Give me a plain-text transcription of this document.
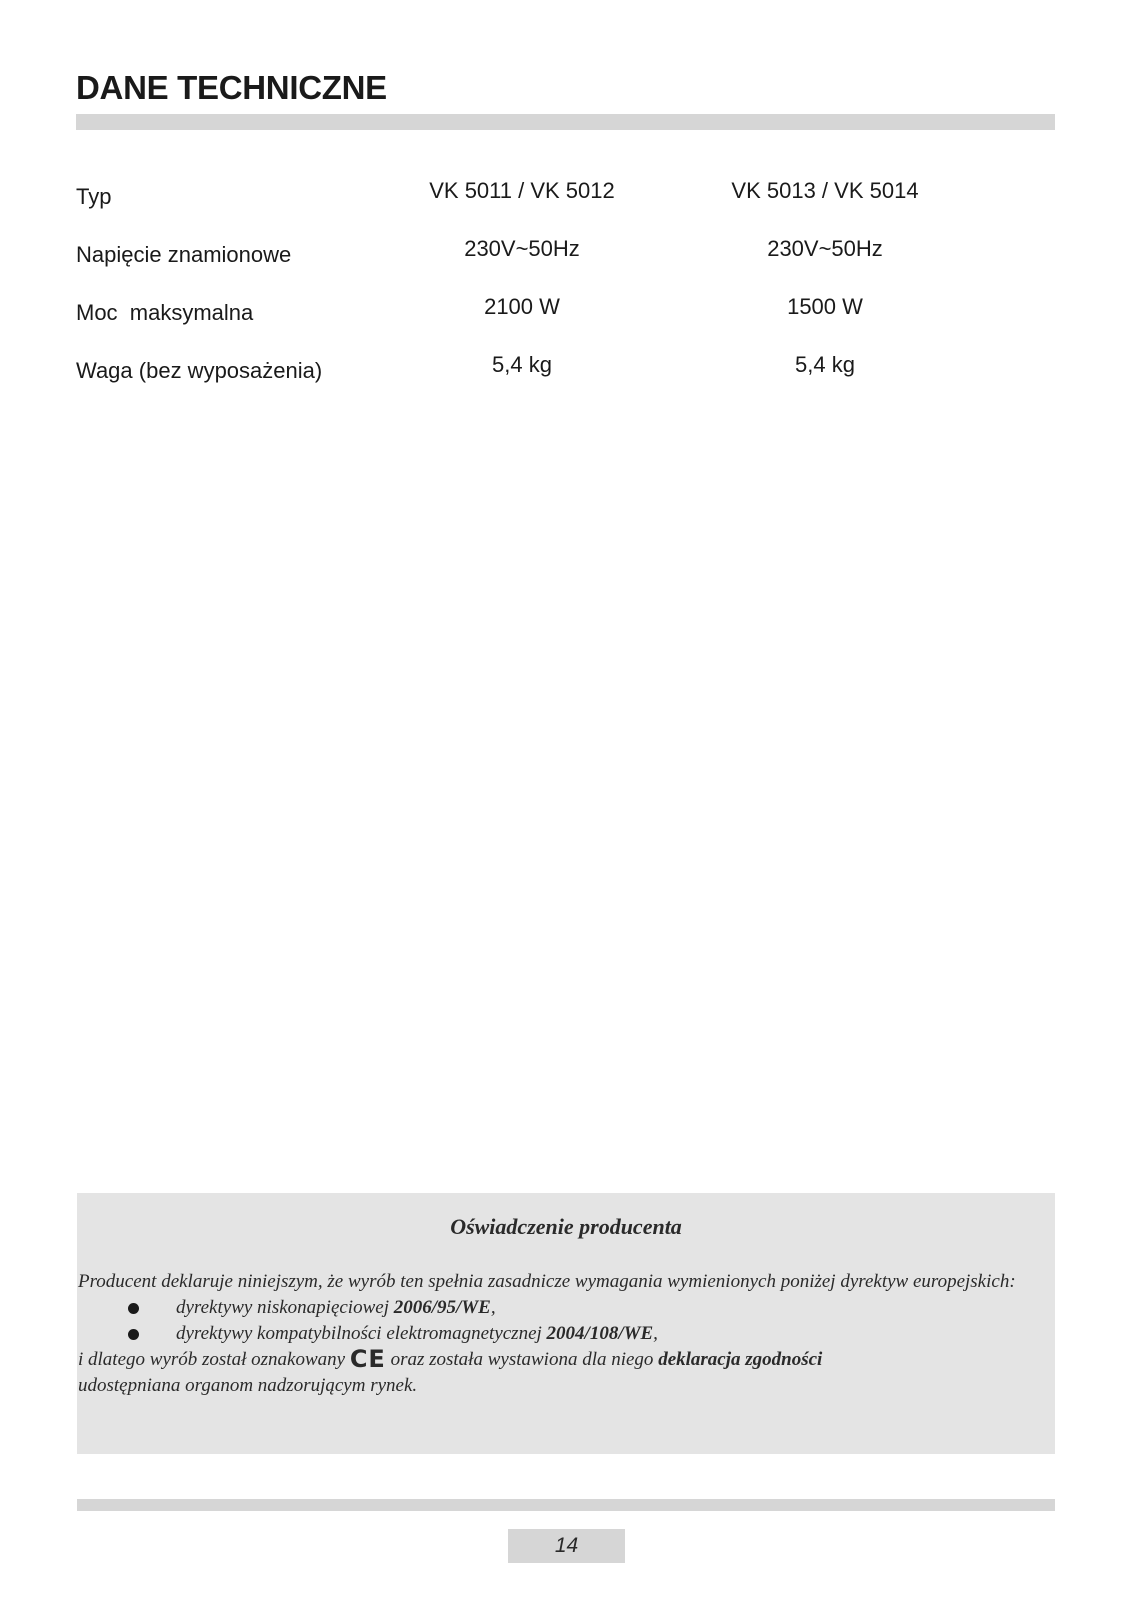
DANE TECHNICZNE
Typ	VK 5011 / VK 5012	VK 5013 / VK 5014
Napięcie znamionowe	230V~50Hz	230V~50Hz
Moc  maksymalna	2100 W	1500 W
Waga (bez wyposażenia)	5,4 kg	5,4 kg
Oświadczenie producenta

Producent deklaruje niniejszym, że wyrób ten spełnia zasadnicze wymagania wymienionych poniżej dyrektyw europejskich:

dyrektywy niskonapięciowej 2006/95/WE,

dyrektywy kompatybilności elektromagnetycznej 2004/108/WE,

i dlatego wyrób został oznakowany CE oraz została wystawiona dla niego deklaracja zgodności
udostępniana organom nadzorującym rynek.

14
